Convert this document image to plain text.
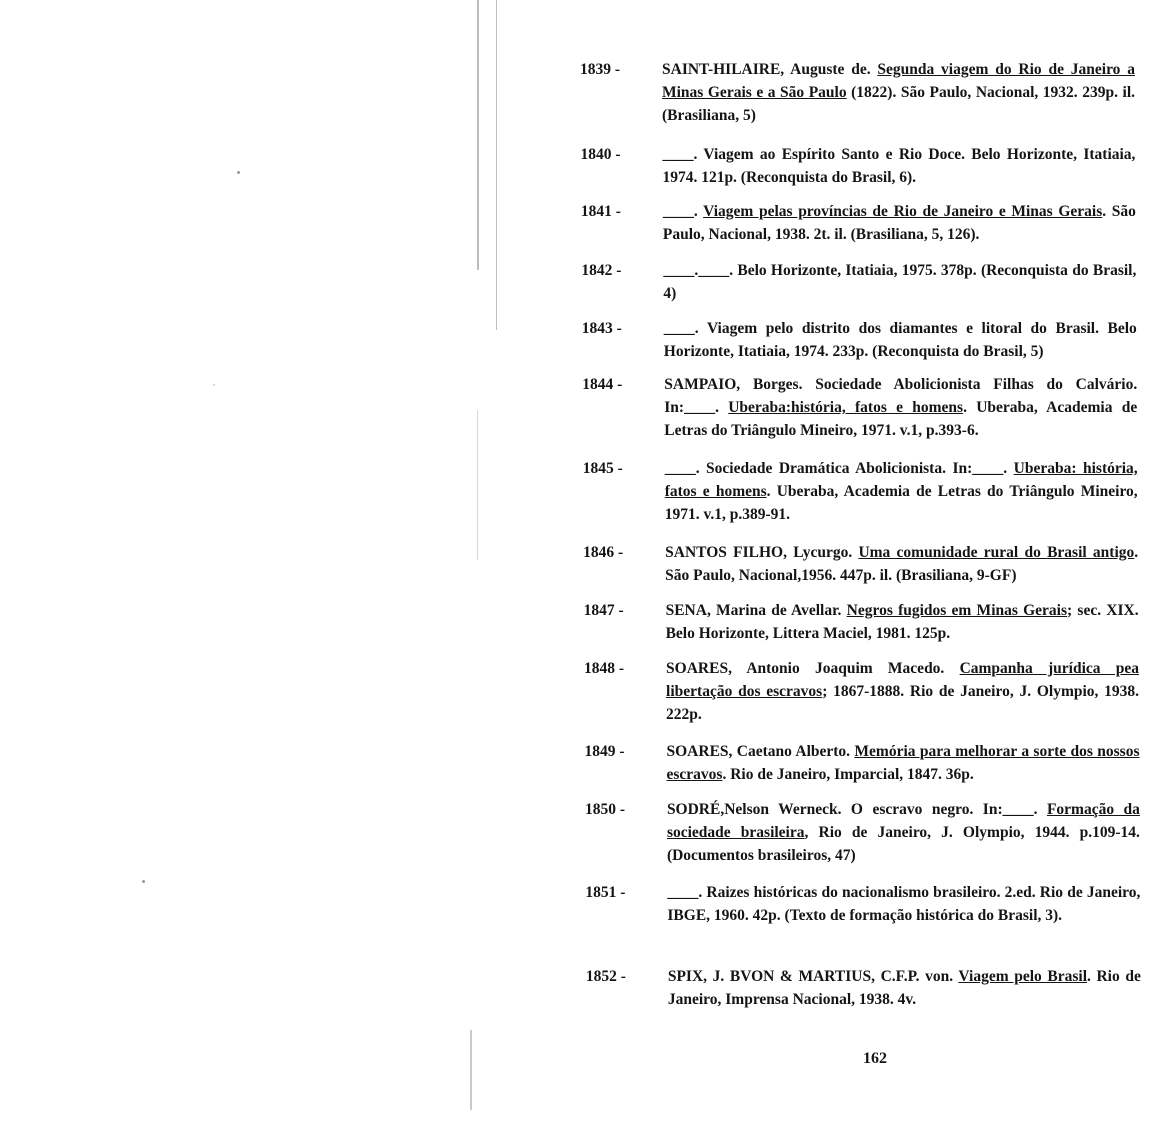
1839 -	SAINT-HILAIRE, Auguste de. Segunda viagem do Rio de Janeiro a Minas Gerais e a São Paulo (1822). São Paulo, Nacional, 1932. 239p. il. (Brasiliana, 5)
1840 -	____. Viagem ao Espírito Santo e Rio Doce. Belo Horizonte, Itatiaia, 1974. 121p. (Reconquista do Brasil, 6).
1841 -	____. Viagem pelas províncias de Rio de Janeiro e Minas Gerais. São Paulo, Nacional, 1938. 2t. il. (Brasiliana, 5, 126).
1842 -	____.____. Belo Horizonte, Itatiaia, 1975. 378p. (Reconquista do Brasil, 4)
1843 -	____. Viagem pelo distrito dos diamantes e litoral do Brasil. Belo Horizonte, Itatiaia, 1974. 233p. (Reconquista do Brasil, 5)
1844 -	SAMPAIO, Borges. Sociedade Abolicionista Filhas do Calvário. In:____. Uberaba:história, fatos e homens. Uberaba, Academia de Letras do Triângulo Mineiro, 1971. v.1, p.393-6.
1845 -	____. Sociedade Dramática Abolicionista. In:____. Uberaba: história, fatos e homens. Uberaba, Academia de Letras do Triângulo Mineiro, 1971. v.1, p.389-91.
1846 -	SANTOS FILHO, Lycurgo. Uma comunidade rural do Brasil antigo. São Paulo, Nacional,1956. 447p. il. (Brasiliana, 9-GF)
1847 -	SENA, Marina de Avellar. Negros fugidos em Minas Gerais; sec. XIX. Belo Horizonte, Littera Maciel, 1981. 125p.
1848 -	SOARES, Antonio Joaquim Macedo. Campanha jurídica pea libertação dos escravos; 1867-1888. Rio de Janeiro, J. Olympio, 1938. 222p.
1849 -	SOARES, Caetano Alberto. Memória para melhorar a sorte dos nossos escravos. Rio de Janeiro, Imparcial, 1847. 36p.
1850 -	SODRÉ,Nelson Werneck. O escravo negro. In:____. Formação da sociedade brasileira, Rio de Janeiro, J. Olympio, 1944. p.109-14. (Documentos brasileiros, 47)
1851 -	____. Raizes históricas do nacionalismo brasileiro. 2.ed. Rio de Janeiro, IBGE, 1960. 42p. (Texto de formação histórica do Brasil, 3).
1852 -	SPIX, J. BVON & MARTIUS, C.F.P. von. Viagem pelo Brasil. Rio de Janeiro, Imprensa Nacional, 1938. 4v.
162
